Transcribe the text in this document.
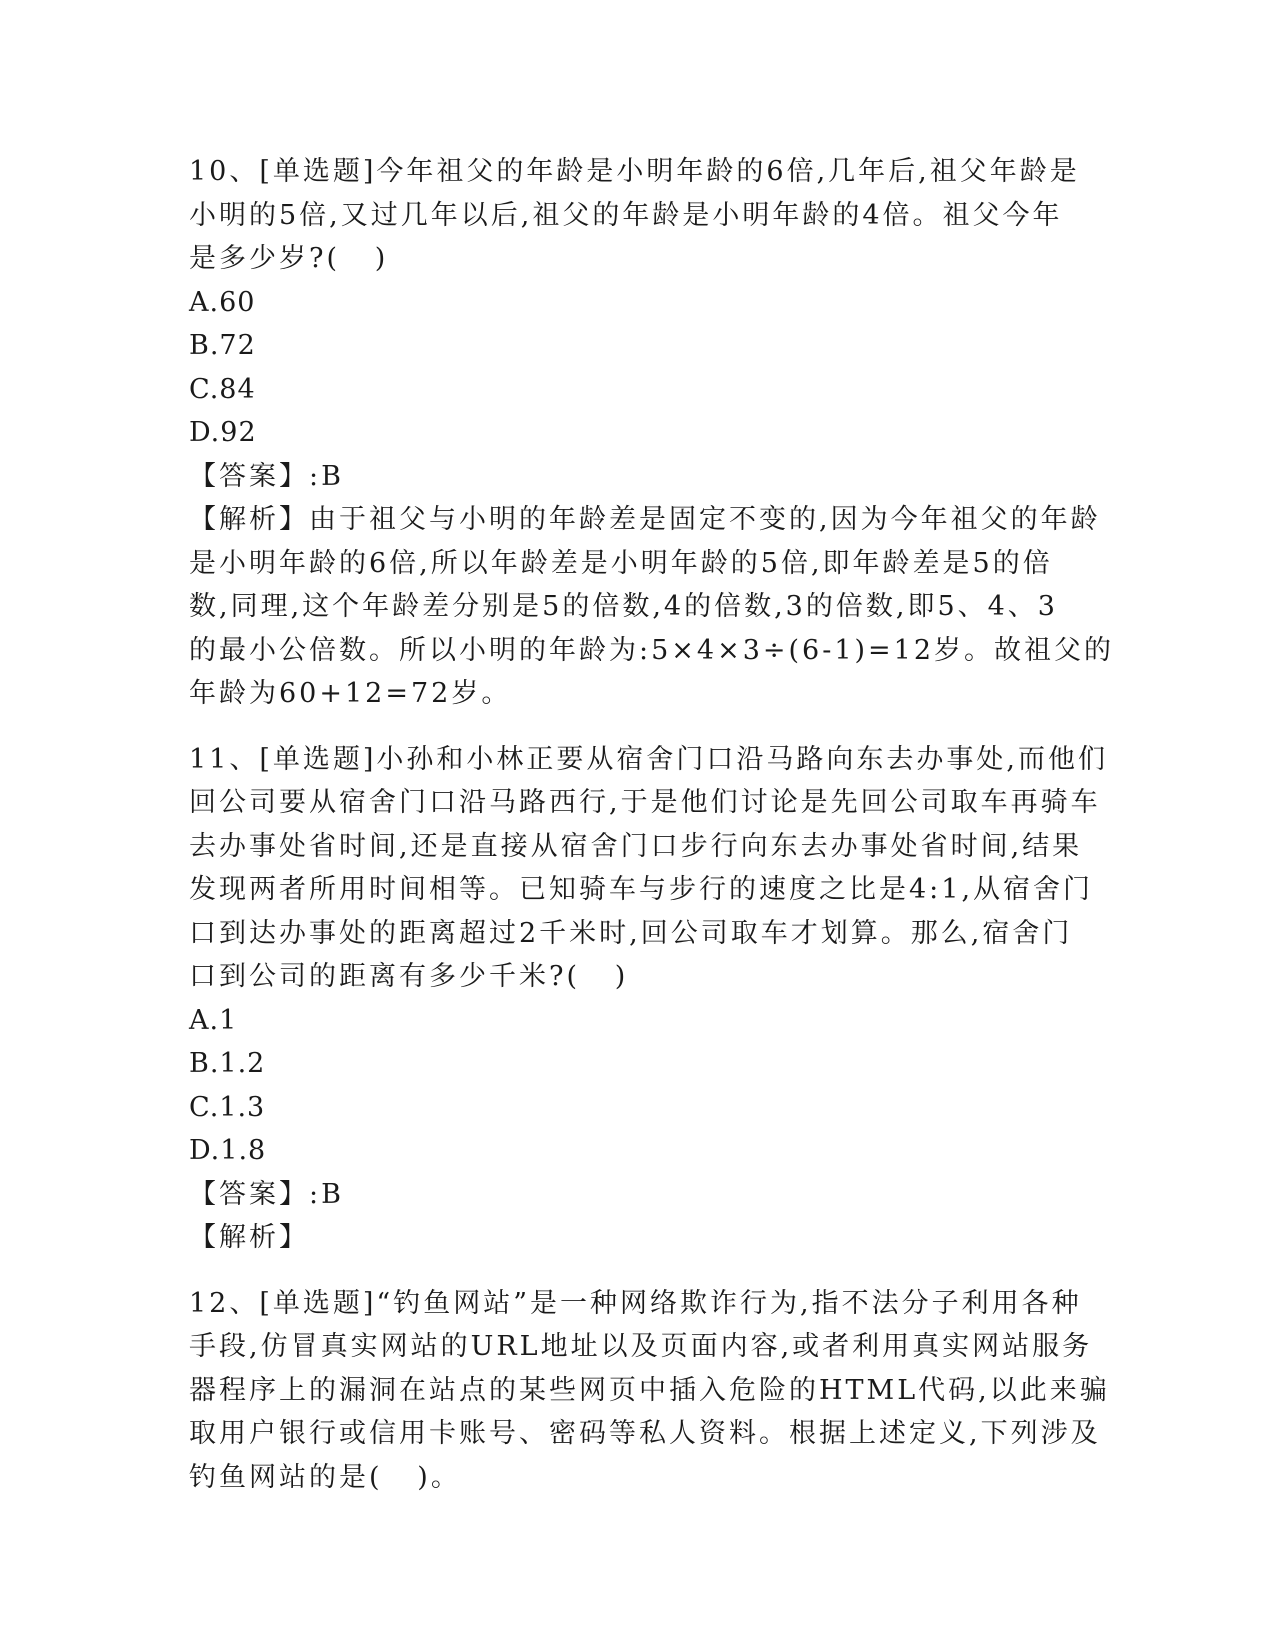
10、[单选题]今年祖父的年龄是小明年龄的6倍,几年后,祖父年龄是
小明的5倍,又过几年以后,祖父的年龄是小明年龄的4倍。祖父今年
是多少岁?(   )
A.60
B.72
C.84
D.92
【答案】:B
【解析】由于祖父与小明的年龄差是固定不变的,因为今年祖父的年龄
是小明年龄的6倍,所以年龄差是小明年龄的5倍,即年龄差是5的倍
数,同理,这个年龄差分别是5的倍数,4的倍数,3的倍数,即5、4、3
的最小公倍数。所以小明的年龄为:5×4×3÷(6-1)=12岁。故祖父的
年龄为60+12=72岁。
11、[单选题]小孙和小林正要从宿舍门口沿马路向东去办事处,而他们
回公司要从宿舍门口沿马路西行,于是他们讨论是先回公司取车再骑车
去办事处省时间,还是直接从宿舍门口步行向东去办事处省时间,结果
发现两者所用时间相等。已知骑车与步行的速度之比是4:1,从宿舍门
口到达办事处的距离超过2千米时,回公司取车才划算。那么,宿舍门
口到公司的距离有多少千米?(   )
A.1
B.1.2
C.1.3
D.1.8
【答案】:B
【解析】
12、[单选题]“钓鱼网站”是一种网络欺诈行为,指不法分子利用各种
手段,仿冒真实网站的URL地址以及页面内容,或者利用真实网站服务
器程序上的漏洞在站点的某些网页中插入危险的HTML代码,以此来骗
取用户银行或信用卡账号、密码等私人资料。根据上述定义,下列涉及
钓鱼网站的是(   )。
